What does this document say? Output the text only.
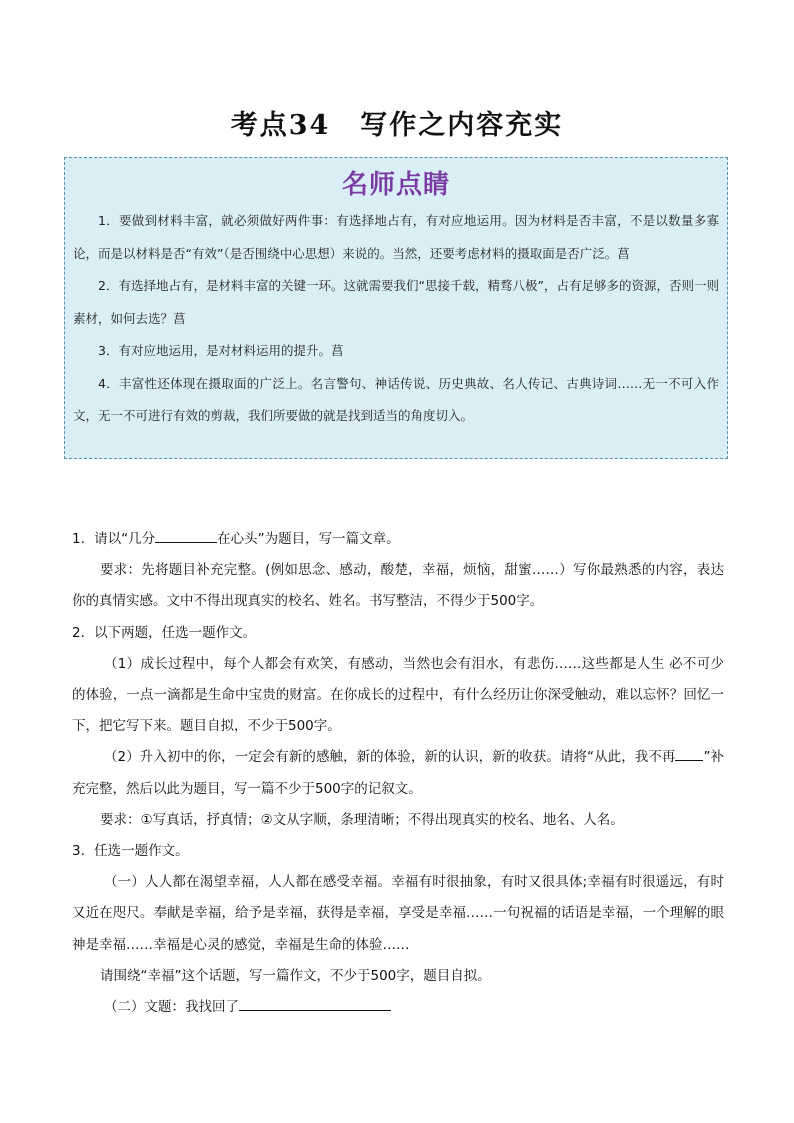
考点34 写作之内容充实
名师点睛

1．要做到材料丰富，就必须做好两件事：有选择地占有，有对应地运用。因为材料是否丰富，不是以数量多寡论，而是以材料是否“有效”（是否围绕中心思想）来说的。当然，还要考虑材料的摄取面是否广泛。菖

2．有选择地占有，是材料丰富的关键一环。这就需要我们“思接千载，精骛八极”，占有足够多的资源，否则一则素材，如何去选？菖

3．有对应地运用，是对材料运用的提升。菖

4．丰富性还体现在摄取面的广泛上。名言警句、神话传说、历史典故、名人传记、古典诗词……无一不可入作文，无一不可进行有效的剪裁，我们所要做的就是找到适当的角度切入。

1．请以“几分	在心头”为题目，写一篇文章。

要求：先将题目补充完整。(例如思念、感动，酸楚，幸福，烦恼，甜蜜……）写你最熟悉的内容，表达你的真情实感。文中不得出现真实的校名、姓名。书写整洁，不得少于500字。

2．以下两题，任选一题作文。

（1）成长过程中，每个人都会有欢笑，有感动，当然也会有泪水，有悲伤……这些都是人生 必不可少的体验，一点一滴都是生命中宝贵的财富。在你成长的过程中，有什么经历让你深受触动，难以忘怀？回忆一下，把它写下来。题目自拟，不少于500字。

（2）升入初中的你，一定会有新的感触，新的体验，新的认识，新的收获。请将“从此，我不再 ”补充完整，然后以此为题目，写一篇不少于500字的记叙文。

要求：①写真话，抒真情；②文从字顺，条理清晰；不得出现真实的校名、地名、人名。

3．任选一题作文。

（一）人人都在渴望幸福，人人都在感受幸福。幸福有时很抽象，有时又很具体;幸福有时很遥远，有时又近在咫尺。奉献是幸福，给予是幸福，获得是幸福，享受是幸福……一句祝福的话语是幸福，一个理解的眼神是幸福……幸福是心灵的感觉，幸福是生命的体验……

请围绕“幸福”这个话题，写一篇作文，不少于500字，题目自拟。

（二）文题：我找回了
